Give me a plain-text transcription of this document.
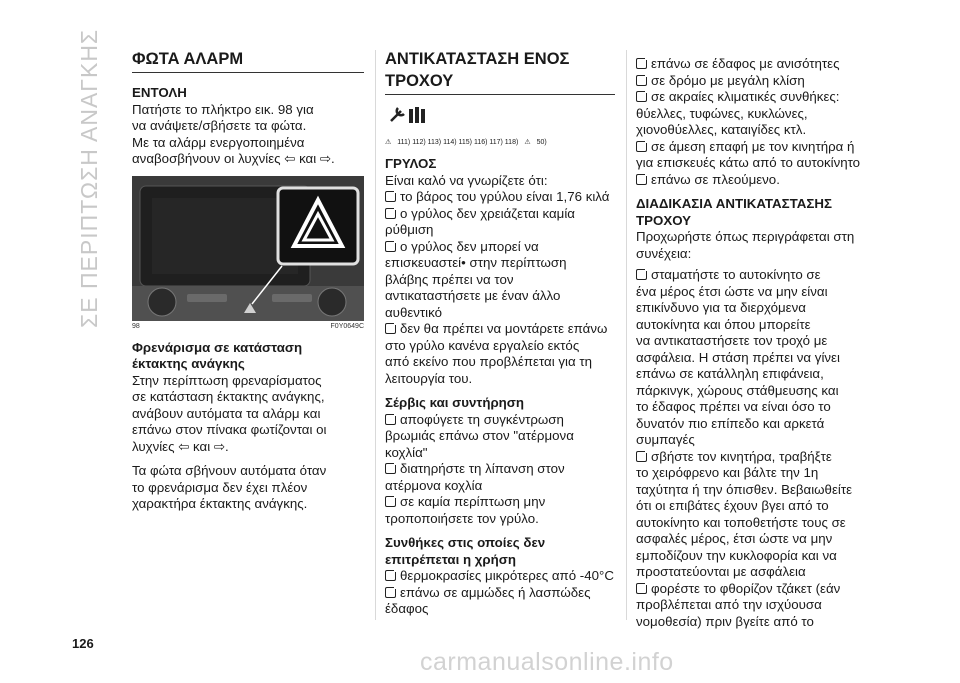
ΣΕ ΠΕΡΙΠΤΩΣΗ ΑΝΑΓΚΗΣ ΦΩΤΑ ΑΛΑΡΜ
ΕΝΤΟΛΗ

Πατήστε το πλήκτρο εικ. 98 για

να ανάψετε/σβήσετε τα φώτα.

Με τα αλάρμ ενεργοποιημένα

αναβοσβήνουν οι λυχνίες ⇦ και ⇨.

98	F0Y0649C
Φρενάρισμα σε κατάσταση
έκτακτης ανάγκης

Στην περίπτωση φρεναρίσματος

σε κατάσταση έκτακτης ανάγκης,

ανάβουν αυτόματα τα αλάρμ και

επάνω στον πίνακα φωτίζονται οι

λυχνίες ⇦ και ⇨.

Τα φώτα σβήνουν αυτόματα όταν

το φρενάρισμα δεν έχει πλέον

χαρακτήρα έκτακτης ανάγκης.

ΑΝΤΙΚΑΤΑΣΤΑΣΗ ΕΝΟΣ
ΤΡΟΧΟΥ
⚠ 111) 112) 113) 114) 115) 116) 117) 118) ⚠ 50)
ΓΡΥΛΟΣ
Είναι καλό να γνωρίζετε ότι:
το βάρος του γρύλου είναι 1,76 κιλά
ο γρύλος δεν χρειάζεται καμία
ρύθμιση
ο γρύλος δεν μπορεί να
επισκευαστεί• στην περίπτωση
βλάβης πρέπει να τον
αντικαταστήσετε με έναν άλλο
αυθεντικό
δεν θα πρέπει να μοντάρετε επάνω
στο γρύλο κανένα εργαλείο εκτός
από εκείνο που προβλέπεται για τη
λειτουργία του.
Σέρβις και συντήρηση
αποφύγετε τη συγκέντρωση
βρωμιάς επάνω στον "ατέρμονα
κοχλία"
διατηρήστε τη λίπανση στον
ατέρμονα κοχλία
σε καμία περίπτωση μην
τροποποιήσετε τον γρύλο.
Συνθήκες στις οποίες δεν
επιτρέπεται η χρήση
θερμοκρασίες μικρότερες από -40°C
επάνω σε αμμώδες ή λασπώδες
έδαφος
επάνω σε έδαφος με ανισότητες
σε δρόμο με μεγάλη κλίση
σε ακραίες κλιματικές συνθήκες:
θύελλες, τυφώνες, κυκλώνες,
χιονοθύελλες, καταιγίδες κτλ.
σε άμεση επαφή με τον κινητήρα ή
για επισκευές κάτω από το αυτοκίνητο
επάνω σε πλεούμενο.
ΔΙΑΔΙΚΑΣΙΑ ΑΝΤΙΚΑΤΑΣΤΑΣΗΣ
ΤΡΟΧΟΥ
Προχωρήστε όπως περιγράφεται στη
συνέχεια:
σταματήστε το αυτοκίνητο σε
ένα μέρος έτσι ώστε να μην είναι
επικίνδυνο για τα διερχόμενα
αυτοκίνητα και όπου μπορείτε
να αντικαταστήσετε τον τροχό με
ασφάλεια. Η στάση πρέπει να γίνει
επάνω σε κατάλληλη επιφάνεια,
πάρκινγκ, χώρους στάθμευσης και
το έδαφος πρέπει να είναι όσο το
δυνατόν πιο επίπεδο και αρκετά
συμπαγές
σβήστε τον κινητήρα, τραβήξτε
το χειρόφρενο και βάλτε την 1η
ταχύτητα ή την όπισθεν. Βεβαιωθείτε
ότι οι επιβάτες έχουν βγει από το
αυτοκίνητο και τοποθετήστε τους σε
ασφαλές μέρος, έτσι ώστε να μην
εμποδίζουν την κυκλοφορία και να
προστατεύονται με ασφάλεια
φορέστε το φθορίζον τζάκετ (εάν
προβλέπεται από την ισχύουσα
νομοθεσία) πριν βγείτε από το
126
carmanualsonline.info
